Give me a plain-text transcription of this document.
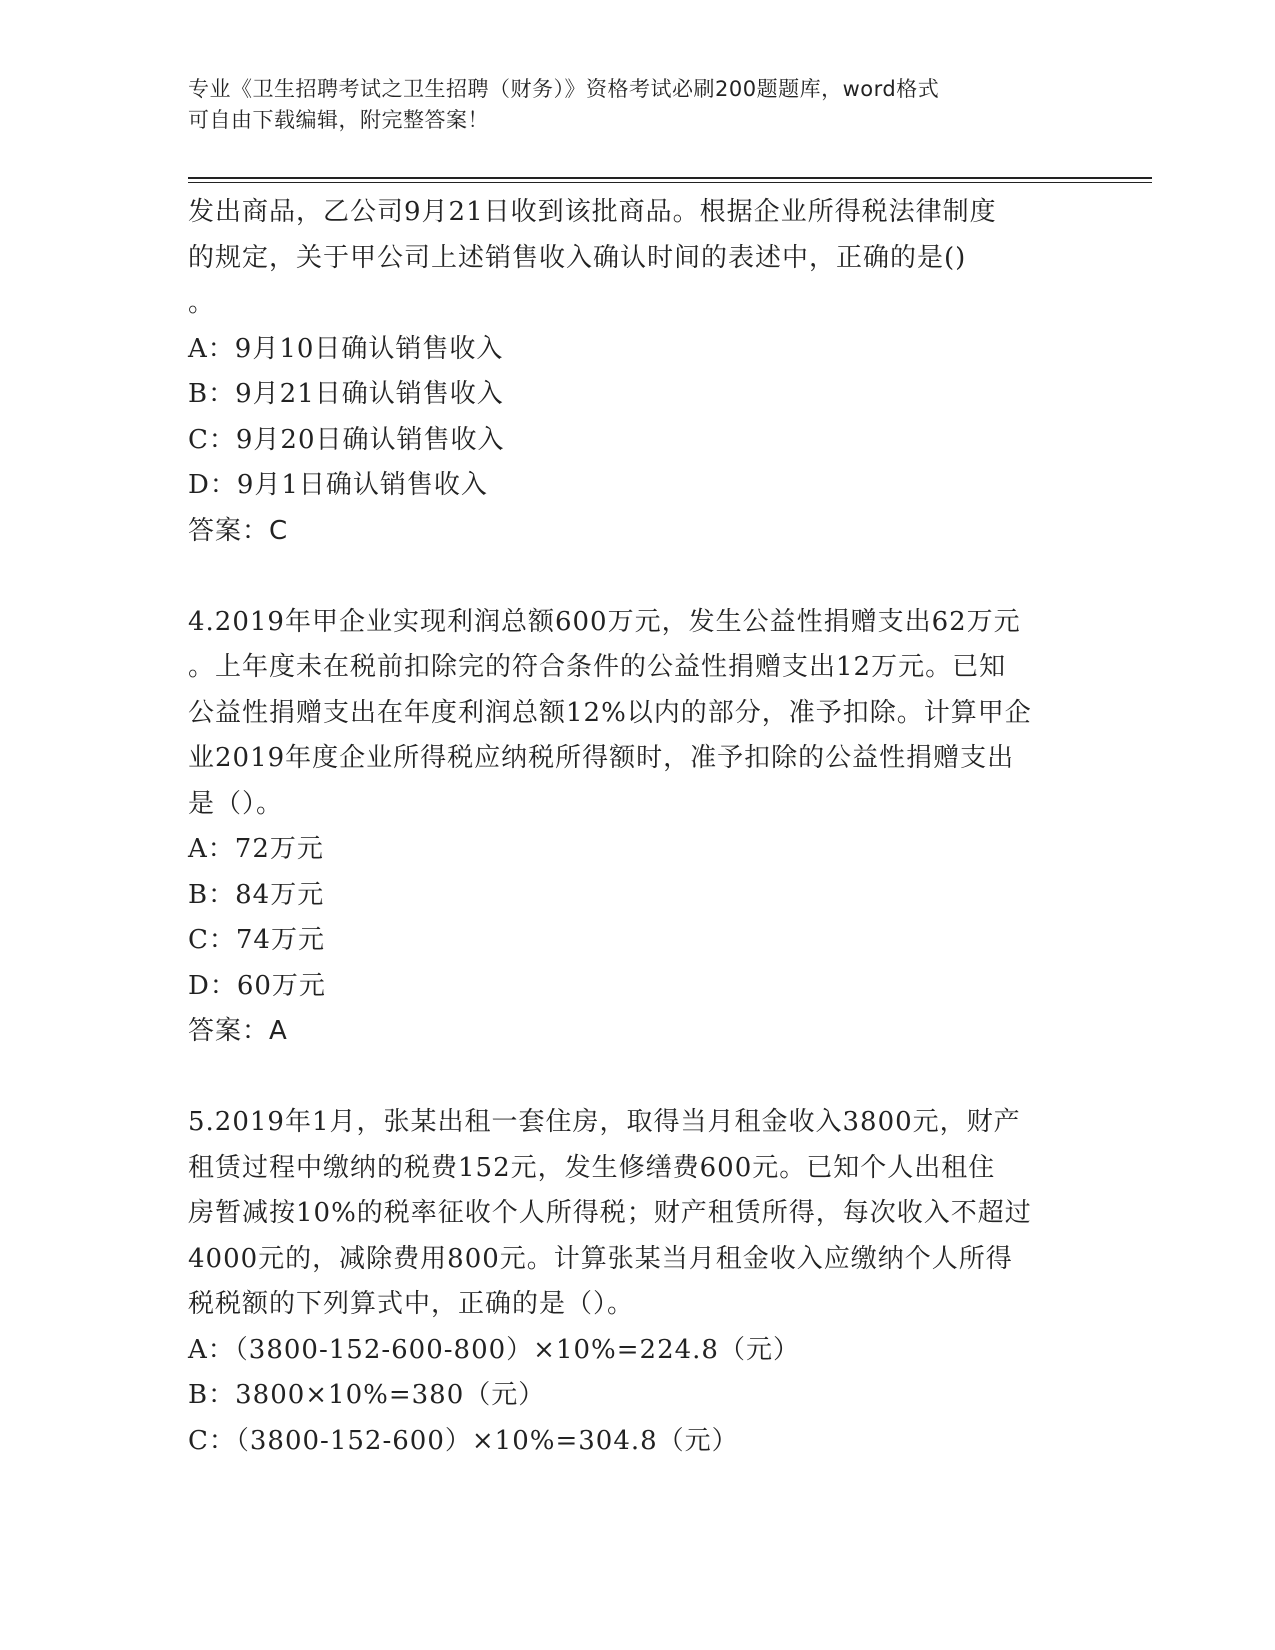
专业《卫生招聘考试之卫生招聘（财务）》资格考试必刷200题题库，word格式
可自由下载编辑，附完整答案！
发出商品，乙公司9月21日收到该批商品。根据企业所得税法律制度
的规定，关于甲公司上述销售收入确认时间的表述中，正确的是()
。
A：9月10日确认销售收入
B：9月21日确认销售收入
C：9月20日确认销售收入
D：9月1日确认销售收入
答案：C
4.2019年甲企业实现利润总额600万元，发生公益性捐赠支出62万元
。上年度未在税前扣除完的符合条件的公益性捐赠支出12万元。已知
公益性捐赠支出在年度利润总额12%以内的部分，准予扣除。计算甲企
业2019年度企业所得税应纳税所得额时，准予扣除的公益性捐赠支出
是（）。
A：72万元
B：84万元
C：74万元
D：60万元
答案：A
5.2019年1月，张某出租一套住房，取得当月租金收入3800元，财产
租赁过程中缴纳的税费152元，发生修缮费600元。已知个人出租住
房暂减按10%的税率征收个人所得税；财产租赁所得，每次收入不超过
4000元的，减除费用800元。计算张某当月租金收入应缴纳个人所得
税税额的下列算式中，正确的是（）。
A：（3800-152-600-800）×10%=224.8（元）
B：3800×10%=380（元）
C：（3800-152-600）×10%=304.8（元）
